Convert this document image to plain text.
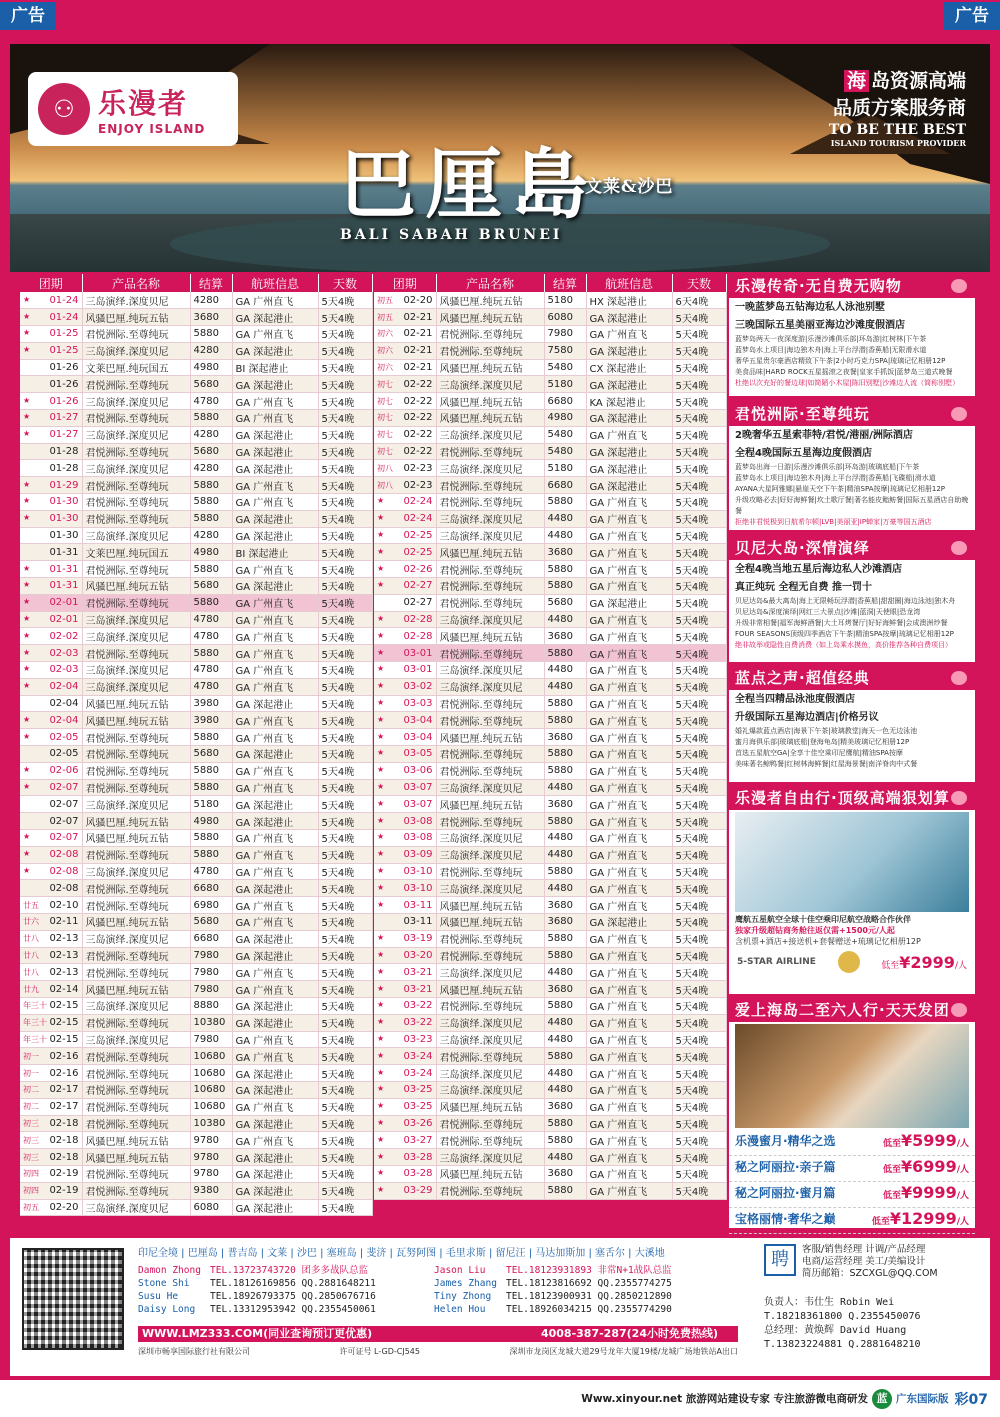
广告	广告
⚇ 乐漫者
ENJOY ISLAND
海 岛资源高端
品质方案服务商
TO BE THE BEST
ISLAND TOURISM PROVIDER
巴厘島
文莱&沙巴
BALI SABAH BRUNEI
团期	产品名称	结算	航班信息	天数

★ 01-24	三岛演绎.深度贝尼	4280	GA 广州直飞	5天4晚

★ 01-24	风骚巴厘.纯玩五钻	3680	GA 深起港止	5天4晚

★ 01-25	君悦洲际.至尊纯玩	5880	GA 广州直飞	5天4晚

★ 01-25	三岛演绎.深度贝尼	4280	GA 深起港止	5天4晚

01-26	文莱巴厘.纯玩国五	4980	BI 深起港止	5天4晚

01-26	君悦洲际.至尊纯玩	5680	GA 深起港止	5天4晚

★ 01-26	三岛演绎.深度贝尼	4780	GA 广州直飞	5天4晚

★ 01-27	君悦洲际.至尊纯玩	5880	GA 广州直飞	5天4晚

★ 01-27	三岛演绎.深度贝尼	4280	GA 深起港止	5天4晚

01-28	君悦洲际.至尊纯玩	5680	GA 深起港止	5天4晚

01-28	三岛演绎.深度贝尼	4280	GA 深起港止	5天4晚

★ 01-29	君悦洲际.至尊纯玩	5880	GA 广州直飞	5天4晚

★ 01-30	君悦洲际.至尊纯玩	5880	GA 广州直飞	5天4晚

★ 01-30	君悦洲际.至尊纯玩	5880	GA 深起港止	5天4晚

01-30	三岛演绎.深度贝尼	4280	GA 深起港止	5天4晚

01-31	文莱巴厘.纯玩国五	4980	BI 深起港止	5天4晚

★ 01-31	君悦洲际.至尊纯玩	5880	GA 广州直飞	5天4晚

★ 01-31	风骚巴厘.纯玩五钻	5680	GA 深起港止	5天4晚

★ 02-01	君悦洲际.至尊纯玩	5880	GA 广州直飞	5天4晚

★ 02-01	三岛演绎.深度贝尼	4780	GA 广州直飞	5天4晚

★ 02-02	三岛演绎.深度贝尼	4780	GA 广州直飞	5天4晚

★ 02-03	君悦洲际.至尊纯玩	5880	GA 广州直飞	5天4晚

★ 02-03	三岛演绎.深度贝尼	4780	GA 广州直飞	5天4晚

★ 02-04	三岛演绎.深度贝尼	4780	GA 广州直飞	5天4晚

02-04	风骚巴厘.纯玩五钻	3980	GA 深起港止	5天4晚

★ 02-04	风骚巴厘.纯玩五钻	3980	GA 广州直飞	5天4晚

★ 02-05	君悦洲际.至尊纯玩	5880	GA 广州直飞	5天4晚

02-05	君悦洲际.至尊纯玩	5680	GA 深起港止	5天4晚

★ 02-06	君悦洲际.至尊纯玩	5880	GA 广州直飞	5天4晚

★ 02-07	君悦洲际.至尊纯玩	5880	GA 广州直飞	5天4晚

02-07	三岛演绎.深度贝尼	5180	GA 深起港止	5天4晚

02-07	风骚巴厘.纯玩五钻	4980	GA 深起港止	5天4晚

★ 02-07	风骚巴厘.纯玩五钻	5880	GA 广州直飞	5天4晚

★ 02-08	君悦洲际.至尊纯玩	5880	GA 广州直飞	5天4晚

★ 02-08	三岛演绎.深度贝尼	4780	GA 广州直飞	5天4晚

02-08	君悦洲际.至尊纯玩	6680	GA 深起港止	5天4晚

廿五 02-10	君悦洲际.至尊纯玩	6980	GA 广州直飞	5天4晚

廿六 02-11	风骚巴厘.纯玩五钻	5680	GA 广州直飞	5天4晚

廿八 02-13	三岛演绎.深度贝尼	6680	GA 深起港止	5天4晚

廿八 02-13	君悦洲际.至尊纯玩	7980	GA 深起港止	5天4晚

廿八 02-13	君悦洲际.至尊纯玩	7980	GA 广州直飞	5天4晚

廿九 02-14	风骚巴厘.纯玩五钻	7980	GA 广州直飞	5天4晚

年三十 02-15	三岛演绎.深度贝尼	8880	GA 深起港止	5天4晚

年三十 02-15	君悦洲际.至尊纯玩	10380	GA 深起港止	5天4晚

年三十 02-15	三岛演绎.深度贝尼	7980	GA 广州直飞	5天4晚

初一 02-16	君悦洲际.至尊纯玩	10680	GA 广州直飞	5天4晚

初一 02-16	君悦洲际.至尊纯玩	10680	GA 深起港止	5天4晚

初二 02-17	君悦洲际.至尊纯玩	10680	GA 深起港止	5天4晚

初二 02-17	君悦洲际.至尊纯玩	10680	GA 广州直飞	5天4晚

初三 02-18	君悦洲际.至尊纯玩	10380	GA 深起港止	5天4晚

初三 02-18	风骚巴厘.纯玩五钻	9780	GA 广州直飞	5天4晚

初三 02-18	风骚巴厘.纯玩五钻	9780	GA 深起港止	5天4晚

初四 02-19	君悦洲际.至尊纯玩	9780	GA 深起港止	5天4晚

初四 02-19	君悦洲际.至尊纯玩	9380	GA 深起港止	5天4晚

初五 02-20	三岛演绎.深度贝尼	6080	GA 深起港止	5天4晚
团期	产品名称	结算	航班信息	天数

初五 02-20	风骚巴厘.纯玩五钻	5180	HX 深起港止	6天4晚

初五 02-21	风骚巴厘.纯玩五钻	6080	GA 深起港止	5天4晚

初六 02-21	君悦洲际.至尊纯玩	7980	GA 广州直飞	5天4晚

初六 02-21	君悦洲际.至尊纯玩	7580	GA 深起港止	5天4晚

初六 02-21	风骚巴厘.纯玩五钻	5480	CX 深起港止	5天4晚

初七 02-22	三岛演绎.深度贝尼	5180	GA 深起港止	5天4晚

初七 02-22	风骚巴厘.纯玩五钻	6680	KA 深起港止	5天4晚

初七 02-22	风骚巴厘.纯玩五钻	4980	GA 深起港止	5天4晚

初七 02-22	三岛演绎.深度贝尼	5480	GA 广州直飞	5天4晚

初七 02-22	君悦洲际.至尊纯玩	5480	GA 深起港止	5天4晚

初八 02-23	三岛演绎.深度贝尼	5180	GA 深起港止	5天4晚

初八 02-23	君悦洲际.至尊纯玩	6680	GA 深起港止	5天4晚

★ 02-24	君悦洲际.至尊纯玩	5880	GA 广州直飞	5天4晚

★ 02-24	三岛演绎.深度贝尼	4480	GA 广州直飞	5天4晚

★ 02-25	三岛演绎.深度贝尼	4480	GA 广州直飞	5天4晚

★ 02-25	风骚巴厘.纯玩五钻	3680	GA 广州直飞	5天4晚

★ 02-26	君悦洲际.至尊纯玩	5880	GA 广州直飞	5天4晚

★ 02-27	君悦洲际.至尊纯玩	5880	GA 广州直飞	5天4晚

02-27	君悦洲际.至尊纯玩	5680	GA 深起港止	5天4晚

★ 02-28	三岛演绎.深度贝尼	4480	GA 广州直飞	5天4晚

★ 02-28	风骚巴厘.纯玩五钻	3680	GA 广州直飞	5天4晚

★ 03-01	君悦洲际.至尊纯玩	5880	GA 广州直飞	5天4晚

★ 03-01	三岛演绎.深度贝尼	4480	GA 广州直飞	5天4晚

★ 03-02	三岛演绎.深度贝尼	4480	GA 广州直飞	5天4晚

★ 03-03	君悦洲际.至尊纯玩	5880	GA 广州直飞	5天4晚

★ 03-04	君悦洲际.至尊纯玩	5880	GA 广州直飞	5天4晚

★ 03-04	风骚巴厘.纯玩五钻	3680	GA 广州直飞	5天4晚

★ 03-05	君悦洲际.至尊纯玩	5880	GA 广州直飞	5天4晚

★ 03-06	君悦洲际.至尊纯玩	5880	GA 广州直飞	5天4晚

★ 03-07	三岛演绎.深度贝尼	4480	GA 广州直飞	5天4晚

★ 03-07	风骚巴厘.纯玩五钻	3680	GA 广州直飞	5天4晚

★ 03-08	君悦洲际.至尊纯玩	5880	GA 广州直飞	5天4晚

★ 03-08	三岛演绎.深度贝尼	4480	GA 广州直飞	5天4晚

★ 03-09	三岛演绎.深度贝尼	4480	GA 广州直飞	5天4晚

★ 03-10	君悦洲际.至尊纯玩	5880	GA 广州直飞	5天4晚

★ 03-10	三岛演绎.深度贝尼	4480	GA 广州直飞	5天4晚

★ 03-11	风骚巴厘.纯玩五钻	3680	GA 广州直飞	5天4晚

03-11	风骚巴厘.纯玩五钻	3680	GA 深起港止	5天4晚

★ 03-19	君悦洲际.至尊纯玩	5880	GA 广州直飞	5天4晚

★ 03-20	君悦洲际.至尊纯玩	5880	GA 广州直飞	5天4晚

★ 03-21	三岛演绎.深度贝尼	4480	GA 广州直飞	5天4晚

★ 03-21	风骚巴厘.纯玩五钻	3680	GA 广州直飞	5天4晚

★ 03-22	君悦洲际.至尊纯玩	5880	GA 广州直飞	5天4晚

★ 03-22	三岛演绎.深度贝尼	4480	GA 广州直飞	5天4晚

★ 03-23	三岛演绎.深度贝尼	4480	GA 广州直飞	5天4晚

★ 03-24	君悦洲际.至尊纯玩	5880	GA 广州直飞	5天4晚

★ 03-24	三岛演绎.深度贝尼	4480	GA 广州直飞	5天4晚

★ 03-25	三岛演绎.深度贝尼	4480	GA 广州直飞	5天4晚

★ 03-25	风骚巴厘.纯玩五钻	3680	GA 广州直飞	5天4晚

★ 03-26	君悦洲际.至尊纯玩	5880	GA 广州直飞	5天4晚

★ 03-27	君悦洲际.至尊纯玩	5880	GA 广州直飞	5天4晚

★ 03-28	三岛演绎.深度贝尼	4480	GA 广州直飞	5天4晚

★ 03-28	风骚巴厘.纯玩五钻	3680	GA 广州直飞	5天4晚

★ 03-29	君悦洲际.至尊纯玩	5880	GA 广州直飞	5天4晚
乐漫传奇·无自费无购物
一晚蓝梦岛五钻海边私人泳池别墅
三晚国际五星美丽亚海边沙滩度假酒店
蓝梦岛两天一夜深度游|乐漫沙滩俱乐部|环岛游|红树林|下午茶
蓝梦岛水上项目|海边独木舟|海上平台浮潜|香蕉船|无限滑水道
奢华五星贵尔豪酒店精致下午茶|2小时巧克力SPA|琉璃记忆相册12P
美食品味|HARD ROCK五星摇滚之夜餐|皇家手抓饭|蓝梦岛三道式晚餐
杜绝以次充好的餐边球|如简陋小木屋|陈旧别墅|沙滩边人流（简称别墅）
君悦洲际·至尊纯玩
2晚奢华五星索菲特/君悦/港丽/洲际酒店
全程4晚国际五星海边度假酒店
蓝梦岛出海一日游|乐漫沙滩俱乐部|环岛游|玻璃底船|下午茶
蓝梦岛水上项目|海边独木舟|海上平台浮潜|香蕉船|飞碟船|滑水道
AYANA大星阿雅娜|悬崖天空下午茶|精油SPA按摩|琉璃记忆相册12P
升级攻略必去|好好海鲜餐|坎土歌厅餐|著名能皮鮨鲂餐|国际五星酒店自助晚餐
拒绝非君悦极到日航希尔顿|LVB|美丽亚|IP蝉家|万豪等国五酒店
贝尼大岛·深情演绎
全程4晚当地五星后海边私人沙滩酒店
真正纯玩 全程无自费 推一罚十
贝尼达岛&最大离岛|海上无限畅玩浮潜|香蕉船|甜甜圈|海边泳池|独木舟
贝尼达岛&深度演绎|网红三大景点|沙滩|蓝洞|天使眼|恐龙湾
升级非常相餐|福军海鲜酒餐|大土耳烤餐厅|好好海鲜餐|会成澳洲炒餐
FOUR SEASONS顶级四季酒店下午茶|精油SPA按摩|琉璃记忆相册12P
绝非故举或隐性自费消费（如上岛乘水摸鱼，高价推荐各种自费项目）
蓝点之声·超值经典
全程当四精品泳池度假酒店
升级国际五星海边酒店|价格另议
婚礼爆款蓝点酒店|海景下午茶|玻璃教堂|海天一色无边泳池
蜜月海俱乐部|玻璃底船|登海龟岛|精美玻璃记忆相册12P
首选五星航空GA|全享十佳空乘印尼鹰航|精油SPA按摩
美味著名鲸鸭餐|红树林海鲜餐|红屋海景餐|南洋脊肉中式餐
乐漫者自由行·顶级高端狠划算
鹰航五星航空全球十佳空乘印尼航空战略合作伙伴
独家升级超钻商务舱往返仅需+1500元/人起
含机票+酒店+接送机+套餐赠送+琉璃记忆相册12P
5-STAR AIRLINE	低至¥2999/人
爱上海岛二至六人行·天天发团
乐漫蜜月·精华之选	低至¥5999/人
秘之阿丽拉·亲子篇	低至¥6999/人
秘之阿丽拉·蜜月篇	低至¥9999/人
宝格丽情·奢华之巅	低至¥12999/人
印尼全境 | 巴厘岛 | 普吉岛 | 文莱 | 沙巴 | 塞班岛 | 斐济 | 瓦努阿图 | 毛里求斯 | 留尼汪 | 马达加斯加 | 塞舌尔 | 大溪地
Damon Zhong TEL.13723743720 团多多战队总监	Jason Liu TEL.18123931893 非常N+1战队总监
Stone Shi TEL.18126169856 QQ.2881648211	James Zhang TEL.18123816692 QQ.2355774275
Susu He	TEL.18926793375 QQ.2850676716	Tiny Zhong TEL.18123900931 QQ.2850212890
Daisy Long TEL.13312953942 QQ.2355450061	Helen Hou TEL.18926034215 QQ.2355774290
WWW.LMZ333.COM(同业查询预订更优惠)	4008-387-287(24小时免费热线)
深圳市畅享国际旅行社有限公司	许可证号 L-GD-CJ545	深圳市龙岗区龙城大道29号龙年大厦19楼/龙城广场地铁站A出口
聘	客服/销售经理 计调/产品经理
电商/运营经理 美工/美编设计
简历邮箱：SZCXGL@QQ.COM
负责人：韦仕生 Robin Wei
T.18218361800 Q.2355450076
总经理：黄焕辉 David Huang
T.13823224881 Q.2881648210
Www.xinyour.net 旅游网站建设专家 专注旅游微电商研发 蓝 广东国际版 彩07
